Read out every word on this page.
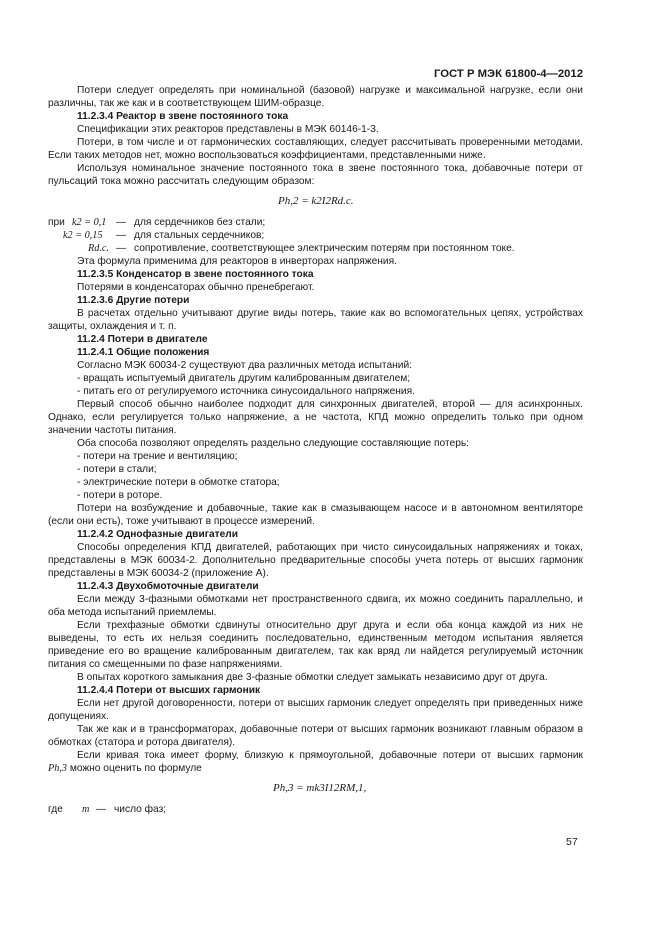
ГОСТ Р МЭК 61800-4—2012

Потери следует определять при номинальной (базовой) нагрузке и максимальной нагрузке, если они различны, так же как и в соответствующем ШИМ-образце.

11.2.3.4 Реактор в звене постоянного тока

Спецификации этих реакторов представлены в МЭК 60146-1-3.

Потери, в том числе и от гармонических составляющих, следует рассчитывать проверенными методами. Если таких методов нет, можно воспользоваться коэффициентами, представленными ниже.

Используя номинальное значение постоянного тока в звене постоянного тока, добавочные потери от пульсаций тока можно рассчитать следующим образом:

Ph,2 = k2I2Rd.c.
при k2 = 0,1 — для сердечников без стали;
k2 = 0,15 — для стальных сердечников;
Rd.c. — сопротивление, соответствующее электрическим потерям при постоянном токе.

Эта формула применима для реакторов в инверторах напряжения.

11.2.3.5 Конденсатор в звене постоянного тока

Потерями в конденсаторах обычно пренебрегают.

11.2.3.6 Другие потери

В расчетах отдельно учитывают другие виды потерь, такие как во вспомогательных цепях, устройствах защиты, охлаждения и т. п.

11.2.4 Потери в двигателе

11.2.4.1 Общие положения

Согласно МЭК 60034-2 существуют два различных метода испытаний:

- вращать испытуемый двигатель другим калиброванным двигателем;

- питать его от регулируемого источника синусоидального напряжения.

Первый способ обычно наиболее подходит для синхронных двигателей, второй — для асинхронных. Однако, если регулируется только напряжение, а не частота, КПД можно определить только при одном значении частоты питания.

Оба способа позволяют определять раздельно следующие составляющие потерь:

- потери на трение и вентиляцию;

- потери в стали;

- электрические потери в обмотке статора;

- потери в роторе.

Потери на возбуждение и добавочные, такие как в смазывающем насосе и в автономном вентиляторе (если они есть), тоже учитывают в процессе измерений.

11.2.4.2 Однофазные двигатели

Способы определения КПД двигателей, работающих при чисто синусоидальных напряжениях и токах, представлены в МЭК 60034-2. Дополнительно предварительные способы учета потерь от высших гармоник представлены в МЭК 60034-2 (приложение А).

11.2.4.3 Двухобмоточные двигатели

Если между 3-фазными обмотками нет пространственного сдвига, их можно соединить параллельно, и оба метода испытаний приемлемы.

Если трехфазные обмотки сдвинуты относительно друг друга и если оба конца каждой из них не выведены, то есть их нельзя соединить последовательно, единственным методом испытания является приведение его во вращение калиброванным двигателем, так как вряд ли найдется регулируемый источник питания со смещенными по фазе напряжениями.

В опытах короткого замыкания две 3-фазные обмотки следует замыкать независимо друг от друга.

11.2.4.4 Потери от высших гармоник

Если нет другой договоренности, потери от высших гармоник следует определять при приведенных ниже допущениях.

Так же как и в трансформаторах, добавочные потери от высших гармоник возникают главным образом в обмотках (статора и ротора двигателя).

Если кривая тока имеет форму, близкую к прямоугольной, добавочные потери от высших гармоник

Ph,3 можно оценить по формуле

Ph,3 = mk3I12RM,1,
где m — число фаз;
57
